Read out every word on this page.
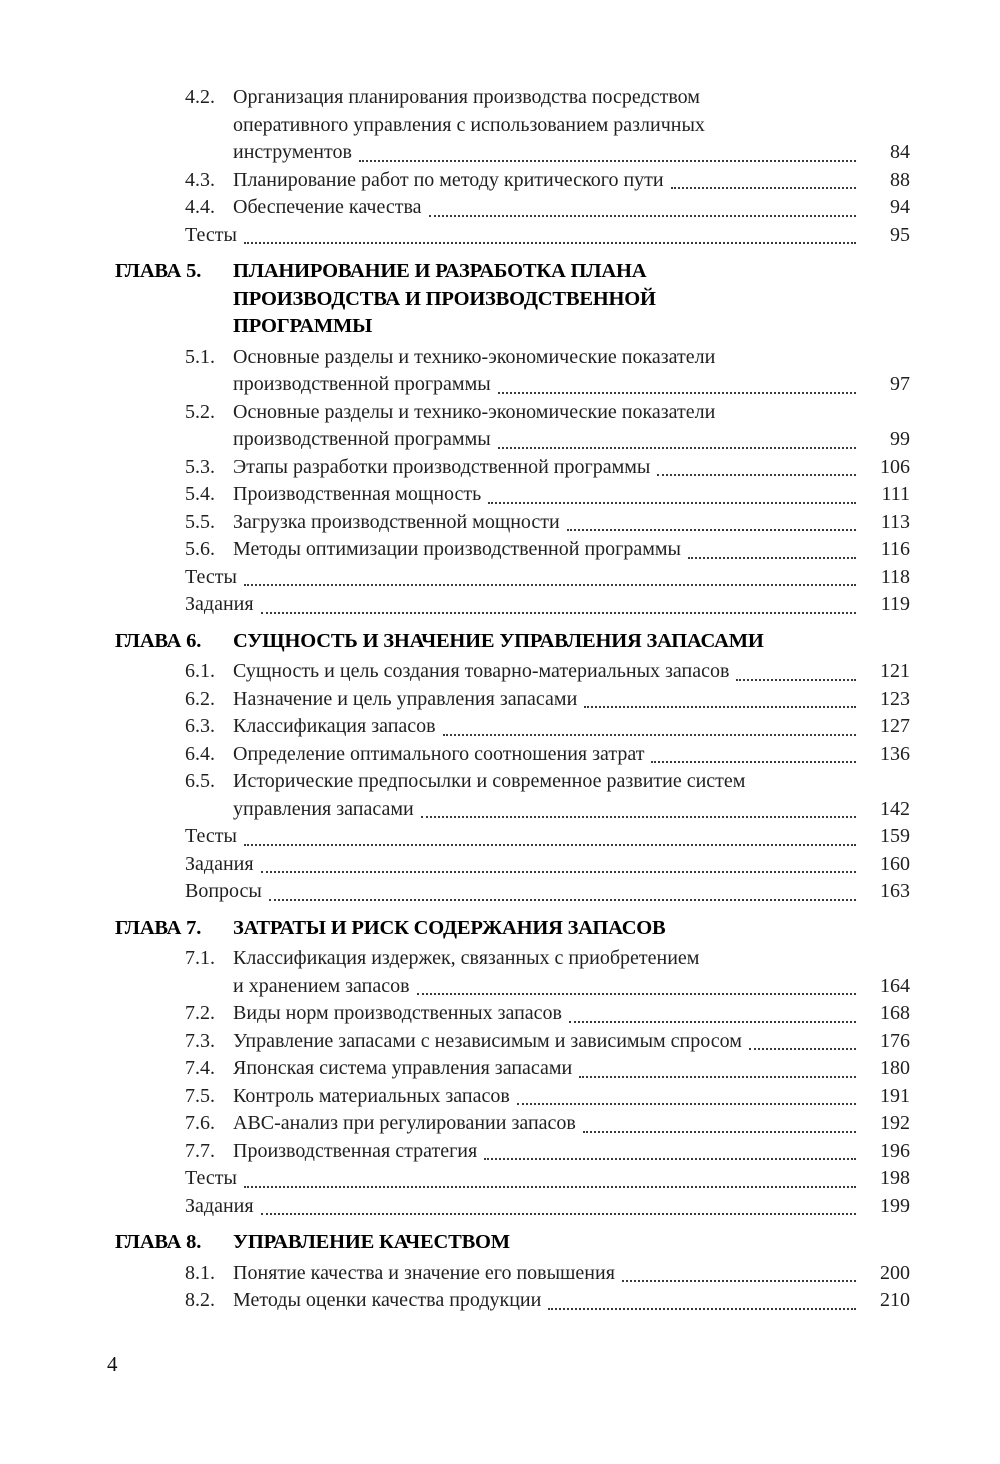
4.2. Организация планирования производства посредством
оперативного управления с использованием различных
инструментов	84
4.3. Планирование работ по методу критического пути	88
4.4. Обеспечение качества	94
Тесты	95
ГЛАВА 5.	ПЛАНИРОВАНИЕ И РАЗРАБОТКА ПЛАНА
ПРОИЗВОДСТВА И ПРОИЗВОДСТВЕННОЙ
ПРОГРАММЫ
5.1. Основные разделы и технико-экономические показатели
производственной программы	97
5.2. Основные разделы и технико-экономические показатели
производственной программы	99
5.3. Этапы разработки производственной программы	106
5.4. Производственная мощность	111
5.5. Загрузка производственной мощности	113
5.6. Методы оптимизации производственной программы	116
Тесты	118
Задания	119
ГЛАВА 6.	СУЩНОСТЬ И ЗНАЧЕНИЕ УПРАВЛЕНИЯ ЗАПАСАМИ
6.1. Сущность и цель создания товарно-материальных запасов	121
6.2. Назначение и цель управления запасами	123
6.3. Классификация запасов	127
6.4. Определение оптимального соотношения затрат	136
6.5. Исторические предпосылки и современное развитие систем
управления запасами	142
Тесты	159
Задания	160
Вопросы	163
ГЛАВА 7.	ЗАТРАТЫ И РИСК СОДЕРЖАНИЯ ЗАПАСОВ
7.1. Классификация издержек, связанных с приобретением
и хранением запасов	164
7.2. Виды норм производственных запасов	168
7.3. Управление запасами с независимым и зависимым спросом	176
7.4. Японская система управления запасами	180
7.5. Контроль материальных запасов	191
7.6. АВС-анализ при регулировании запасов	192
7.7. Производственная стратегия	196
Тесты	198
Задания	199
ГЛАВА 8.	УПРАВЛЕНИЕ КАЧЕСТВОМ
8.1. Понятие качества и значение его повышения	200
8.2. Методы оценки качества продукции	210
4
